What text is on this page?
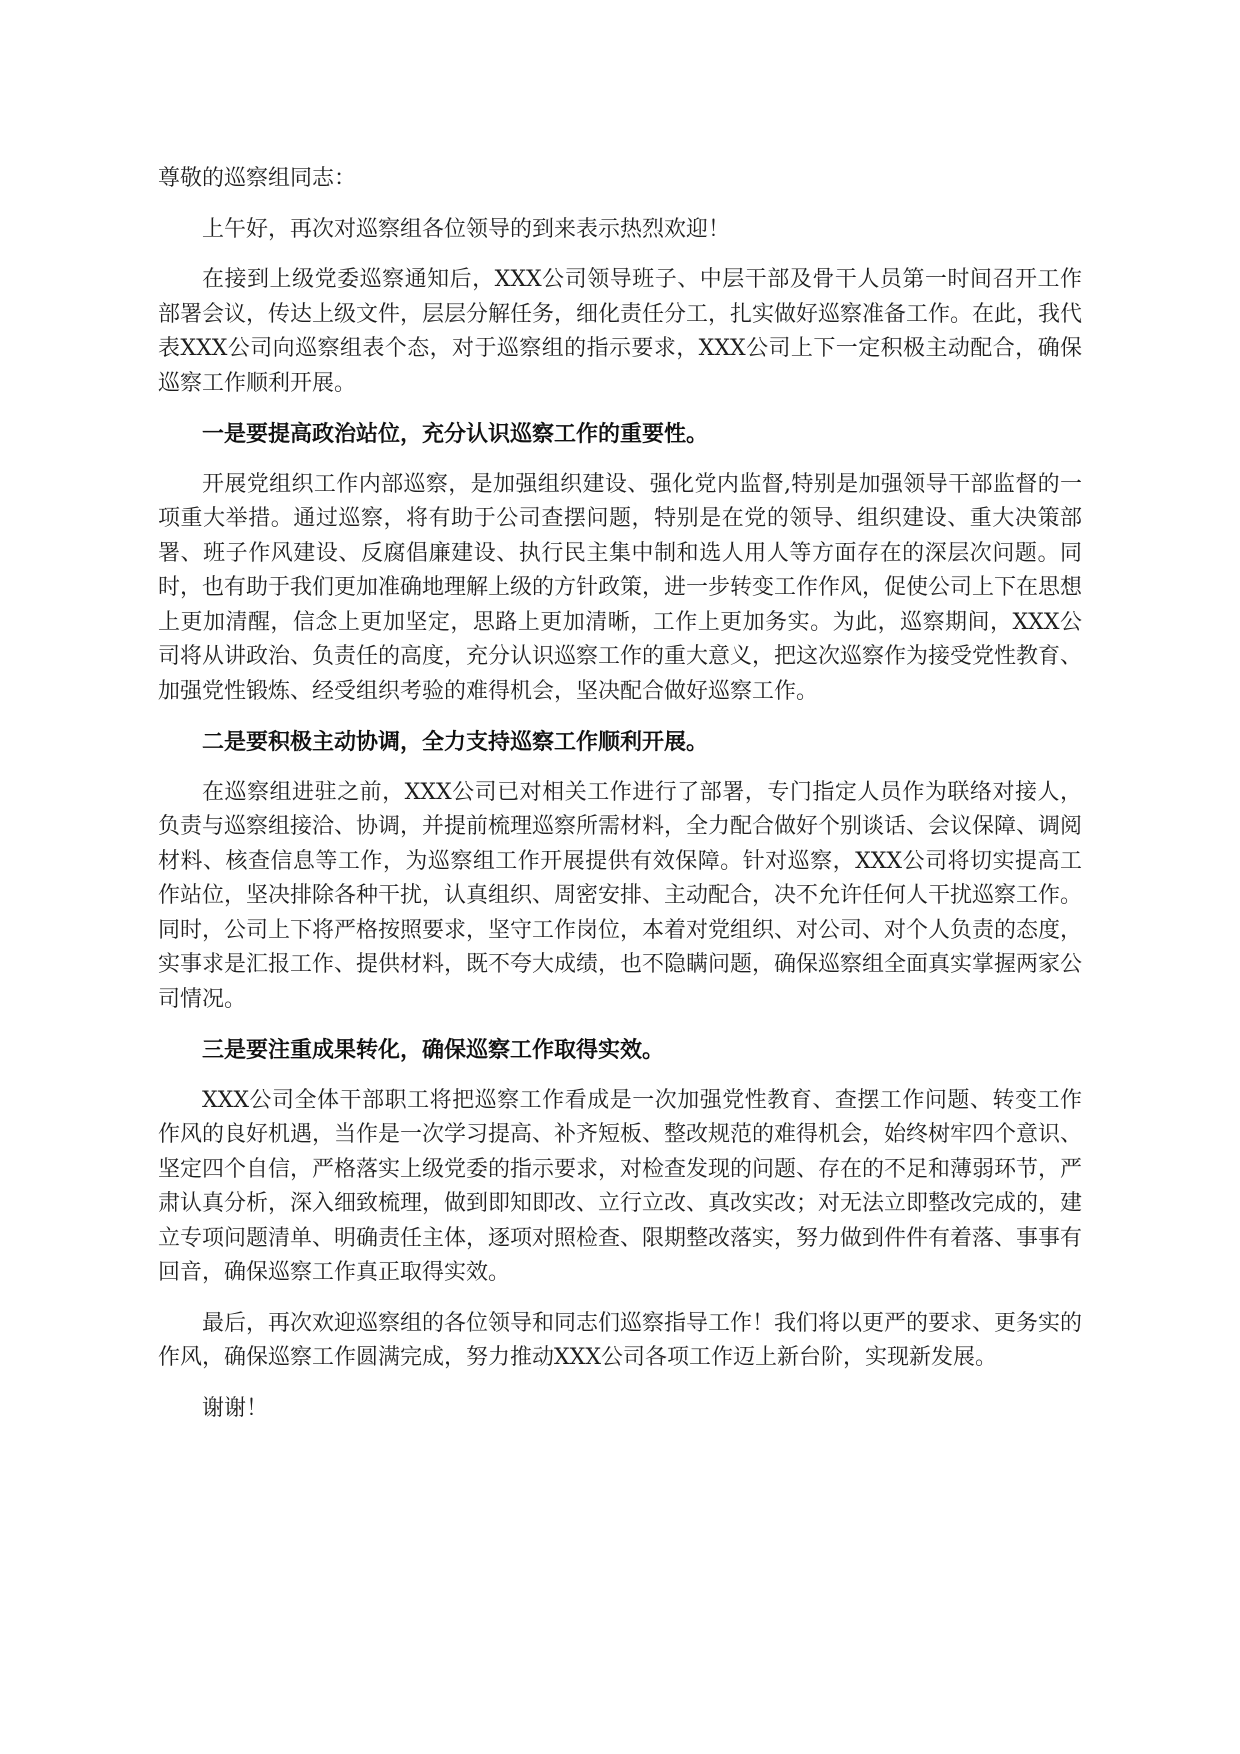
尊敬的巡察组同志：

上午好，再次对巡察组各位领导的到来表示热烈欢迎！

在接到上级党委巡察通知后，XXX公司领导班子、中层干部及骨干人员第一时间召开工作部署会议，传达上级文件，层层分解任务，细化责任分工，扎实做好巡察准备工作。在此，我代表XXX公司向巡察组表个态，对于巡察组的指示要求，XXX公司上下一定积极主动配合，确保巡察工作顺利开展。

一是要提高政治站位，充分认识巡察工作的重要性。

开展党组织工作内部巡察，是加强组织建设、强化党内监督,特别是加强领导干部监督的一项重大举措。通过巡察，将有助于公司查摆问题，特别是在党的领导、组织建设、重大决策部署、班子作风建设、反腐倡廉建设、执行民主集中制和选人用人等方面存在的深层次问题。同时，也有助于我们更加准确地理解上级的方针政策，进一步转变工作作风，促使公司上下在思想上更加清醒，信念上更加坚定，思路上更加清晰，工作上更加务实。为此，巡察期间，XXX公司将从讲政治、负责任的高度，充分认识巡察工作的重大意义，把这次巡察作为接受党性教育、加强党性锻炼、经受组织考验的难得机会，坚决配合做好巡察工作。

二是要积极主动协调，全力支持巡察工作顺利开展。

在巡察组进驻之前，XXX公司已对相关工作进行了部署，专门指定人员作为联络对接人，负责与巡察组接洽、协调，并提前梳理巡察所需材料，全力配合做好个别谈话、会议保障、调阅材料、核查信息等工作，为巡察组工作开展提供有效保障。针对巡察，XXX公司将切实提高工作站位，坚决排除各种干扰，认真组织、周密安排、主动配合，决不允许任何人干扰巡察工作。同时，公司上下将严格按照要求，坚守工作岗位，本着对党组织、对公司、对个人负责的态度，实事求是汇报工作、提供材料，既不夸大成绩，也不隐瞒问题，确保巡察组全面真实掌握两家公司情况。

三是要注重成果转化，确保巡察工作取得实效。

XXX公司全体干部职工将把巡察工作看成是一次加强党性教育、查摆工作问题、转变工作作风的良好机遇，当作是一次学习提高、补齐短板、整改规范的难得机会，始终树牢四个意识、坚定四个自信，严格落实上级党委的指示要求，对检查发现的问题、存在的不足和薄弱环节，严肃认真分析，深入细致梳理，做到即知即改、立行立改、真改实改；对无法立即整改完成的，建立专项问题清单、明确责任主体，逐项对照检查、限期整改落实，努力做到件件有着落、事事有回音，确保巡察工作真正取得实效。

最后，再次欢迎巡察组的各位领导和同志们巡察指导工作！我们将以更严的要求、更务实的作风，确保巡察工作圆满完成，努力推动XXX公司各项工作迈上新台阶，实现新发展。

谢谢！
